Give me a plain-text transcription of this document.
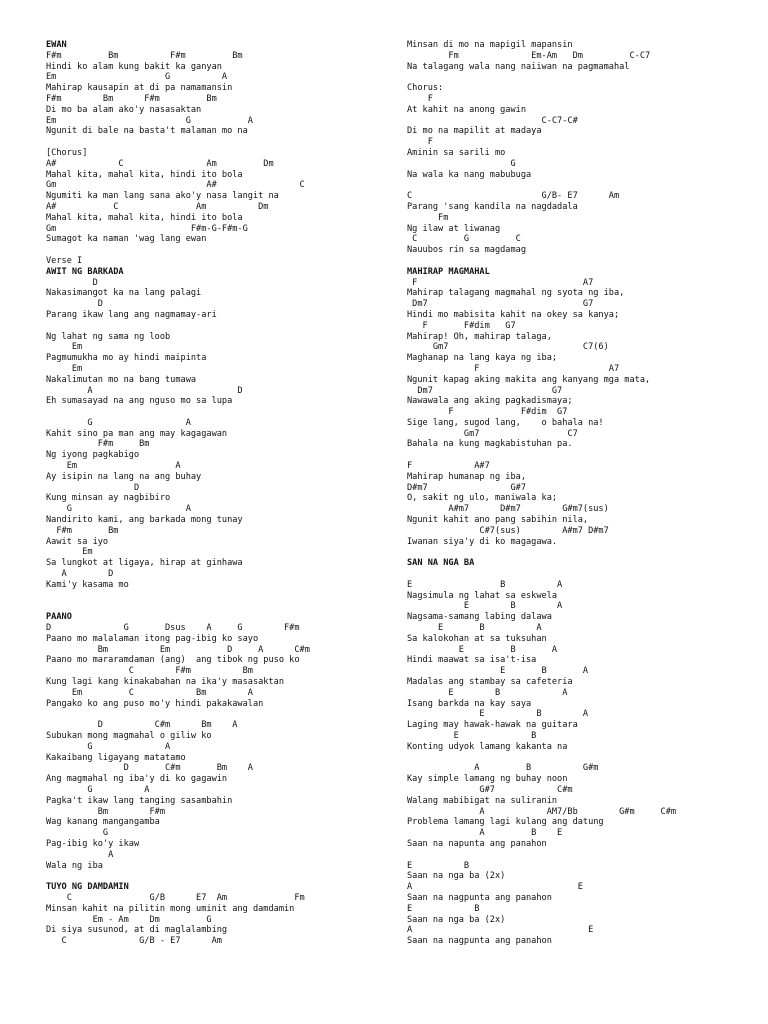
EWAN
F#m         Bm          F#m         Bm
Hindi ko alam kung bakit ka ganyan
Em                     G          A
Mahirap kausapin at di pa namamansin
F#m        Bm      F#m         Bm
Di mo ba alam ako'y nasasaktan
Em                         G           A
Ngunit di bale na basta't malaman mo na
[Chorus]
A#            C                Am         Dm
Mahal kita, mahal kita, hindi ito bola
Gm                             A#                C
Ngumiti ka man lang sana ako'y nasa langit na
A#           C               Am          Dm
Mahal kita, mahal kita, hindi ito bola
Gm                          F#m-G-F#m-G
Sumagot ka naman 'wag lang ewan
Verse I
AWIT NG BARKADA
D
Nakasimangot ka na lang palagi
D
Parang ikaw lang ang nagmamay-ari
Ng lahat ng sama ng loob
Em
Pagmumukha mo ay hindi maipinta
Em
Nakalimutan mo na bang tumawa
A                            D
Eh sumasayad na ang nguso mo sa lupa
G                  A
Kahit sino pa man ang may kagagawan
F#m     Bm
Ng iyong pagkabigo
Em                   A
Ay isipin na lang na ang buhay
D
Kung minsan ay nagbibiro
G                      A
Nandirito kami, ang barkada mong tunay
F#m       Bm
Aawit sa iyo
Em
Sa lungkot at ligaya, hirap at ginhawa
A        D
Kami'y kasama mo
PAANO
D              G       Dsus    A     G        F#m
Paano mo malalaman itong pag-ibig ko sayo
Bm          Em           D     A      C#m
Paano mo mararamdaman (ang)  ang tibok ng puso ko
C        F#m          Bm
Kung lagi kang kinakabahan na ika'y masasaktan
Em         C            Bm        A
Pangako ko ang puso mo'y hindi pakakawalan
D          C#m      Bm    A
Subukan mong magmahal o giliw ko
G              A
Kakaibang ligayang matatamo
D       C#m       Bm    A
Ang magmahal ng iba'y di ko gagawin
G          A
Pagka't ikaw lang tanging sasambahin
Bm        F#m
Wag kanang mangangamba
G
Pag-ibig ko'y ikaw
A
Wala ng iba
TUYO NG DAMDAMIN
C               G/B      E7  Am             Fm
Minsan kahit na pilitin mong uminit ang damdamin
Em - Am    Dm         G
Di siya susunod, at di maglalambing
C              G/B - E7      Am
Minsan di mo na mapigil mapansin
Fm              Em-Am   Dm         C-C7
Na talagang wala nang naiiwan na pagmamahal
Chorus:
F
At kahit na anong gawin
C-C7-C#
Di mo na mapilit at madaya
F
Aminin sa sarili mo
G
Na wala ka nang mabubuga
C                         G/B- E7      Am
Parang 'sang kandila na nagdadala
Fm
Ng ilaw at liwanag
C         G         C
Nauubos rin sa magdamag
MAHIRAP MAGMAHAL
F                                A7
Mahirap talagang magmahal ng syota ng iba,
Dm7                              G7
Hindi mo mabisita kahit na okey sa kanya;
F       F#dim   G7
Mahirap! Oh, mahirap talaga,
Gm7                          C7(6)
Maghanap na lang kaya ng iba;
F                         A7
Ngunit kapag aking makita ang kanyang mga mata,
Dm7                       G7
Nawawala ang aking pagkadismaya;
F             F#dim  G7
Sige lang, sugod lang,    o bahala na!
Gm7                 C7
Bahala na kung magkabistuhan pa.
F            A#7
Mahirap humanap ng iba,
D#m7                G#7
O, sakit ng ulo, maniwala ka;
A#m7      D#m7        G#m7(sus)
Ngunit kahit ano pang sabihin nila,
C#7(sus)        A#m7 D#m7
Iwanan siya'y di ko magagawa.
SAN NA NGA BA
E                 B          A
Nagsimula ng lahat sa eskwela
E        B        A
Nagsama-samang labing dalawa
E       B          A
Sa kalokohan at sa tuksuhan
E         B       A
Hindi maawat sa isa't-isa
E       B       A
Madalas ang stambay sa cafeteria
E        B            A
Isang barkda na kay saya
E          B        A
Laging may hawak-hawak na guitara
E              B
Konting udyok lamang kakanta na
A         B          G#m
Kay simple lamang ng buhay noon
G#7            C#m
Walang mabibigat na suliranin
A            AM7/Bb        G#m     C#m
Problema lamang lagi kulang ang datung
A         B    E
Saan na napunta ang panahon
E          B
Saan na nga ba (2x)
A                                E
Saan na nagpunta ang panahon
E            B
Saan na nga ba (2x)
A                                  E
Saan na nagpunta ang panahon
